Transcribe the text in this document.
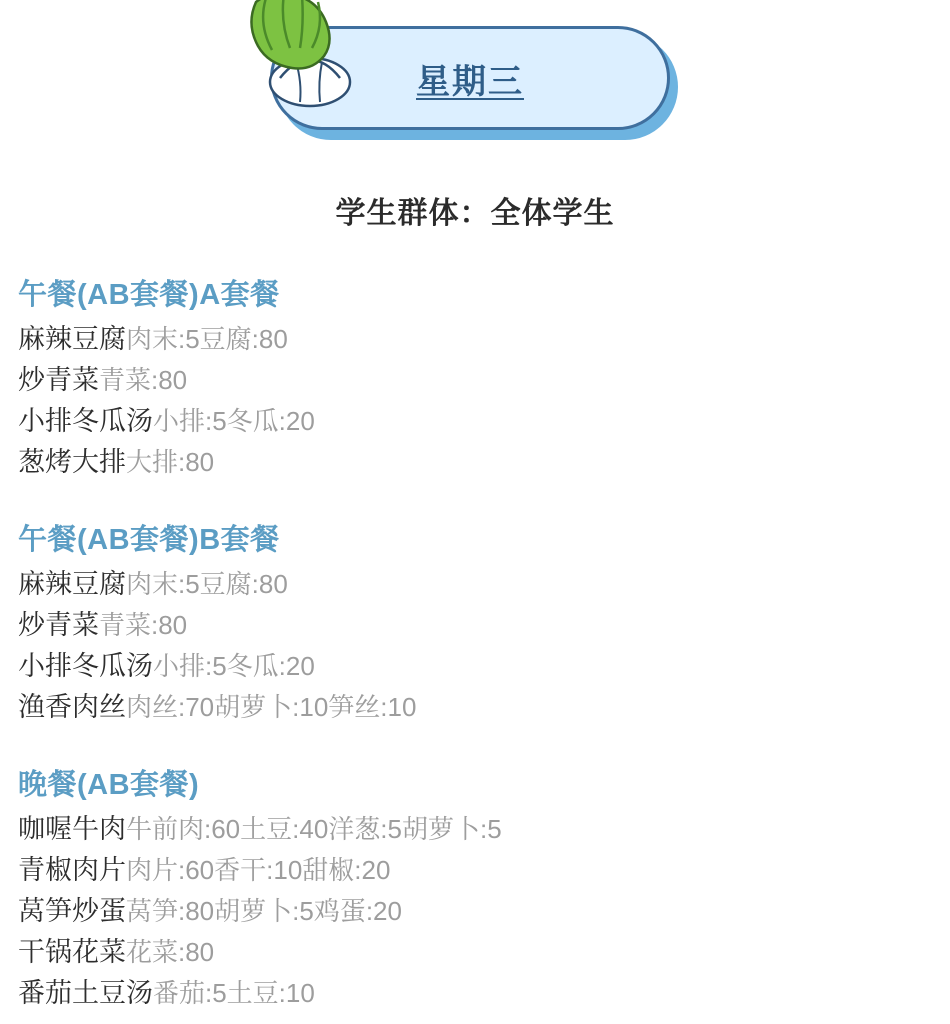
星期三
学生群体：全体学生
午餐(AB套餐)A套餐
麻辣豆腐肉末:5豆腐:80
炒青菜青菜:80
小排冬瓜汤小排:5冬瓜:20
葱烤大排大排:80
午餐(AB套餐)B套餐
麻辣豆腐肉末:5豆腐:80
炒青菜青菜:80
小排冬瓜汤小排:5冬瓜:20
渔香肉丝肉丝:70胡萝卜:10笋丝:10
晚餐(AB套餐)
咖喔牛肉牛前肉:60土豆:40洋葱:5胡萝卜:5
青椒肉片肉片:60香干:10甜椒:20
莴笋炒蛋莴笋:80胡萝卜:5鸡蛋:20
干锅花菜花菜:80
番茄土豆汤番茄:5土豆:10
